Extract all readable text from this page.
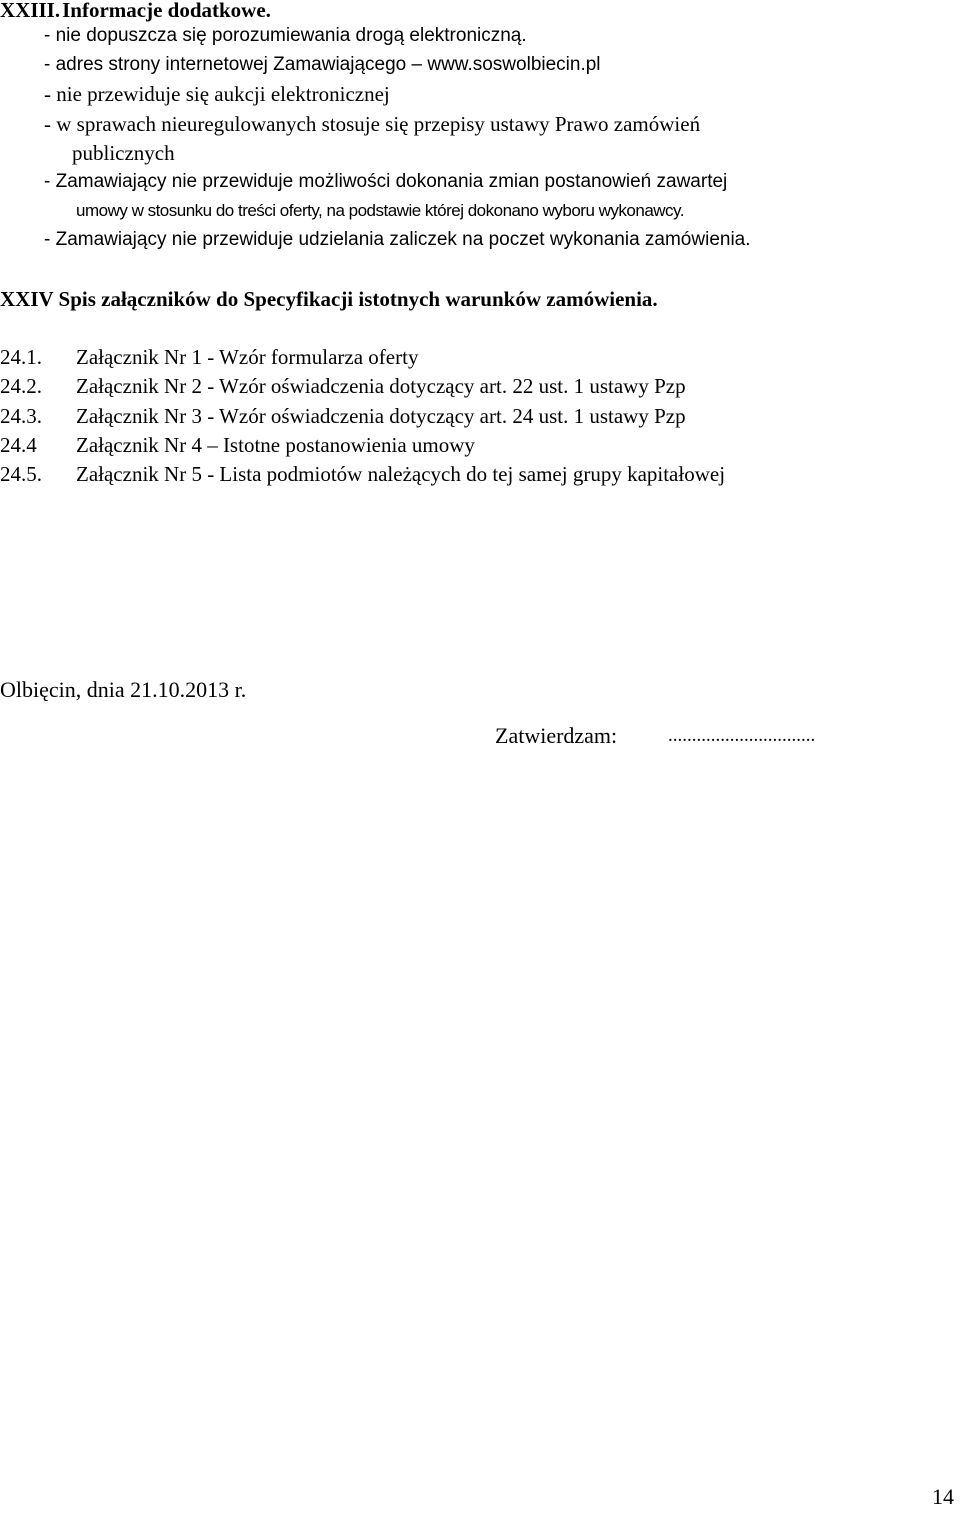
XXIII.Informacje dodatkowe.
- nie dopuszcza się porozumiewania drogą elektroniczną.
- adres strony internetowej Zamawiającego – www.soswolbiecin.pl
- nie przewiduje się aukcji elektronicznej
- w sprawach nieuregulowanych stosuje się przepisy ustawy Prawo zamówień
publicznych
- Zamawiający nie przewiduje możliwości dokonania zmian postanowień zawartej
umowy w stosunku do treści oferty, na podstawie której dokonano wyboru wykonawcy.
- Zamawiający nie przewiduje udzielania zaliczek na poczet wykonania zamówienia.
XXIV Spis załączników do Specyfikacji istotnych warunków zamówienia.
24.1. Załącznik Nr 1 - Wzór formularza oferty
24.2. Załącznik Nr 2 - Wzór oświadczenia dotyczący art. 22 ust. 1 ustawy Pzp
24.3. Załącznik Nr 3 - Wzór oświadczenia dotyczący art. 24 ust. 1 ustawy Pzp
24.4 Załącznik Nr 4 – Istotne postanowienia umowy
24.5. Załącznik Nr 5 - Lista podmiotów należących do tej samej grupy kapitałowej
Olbięcin, dnia 21.10.2013 r.
Zatwierdzam:	...............................
14
